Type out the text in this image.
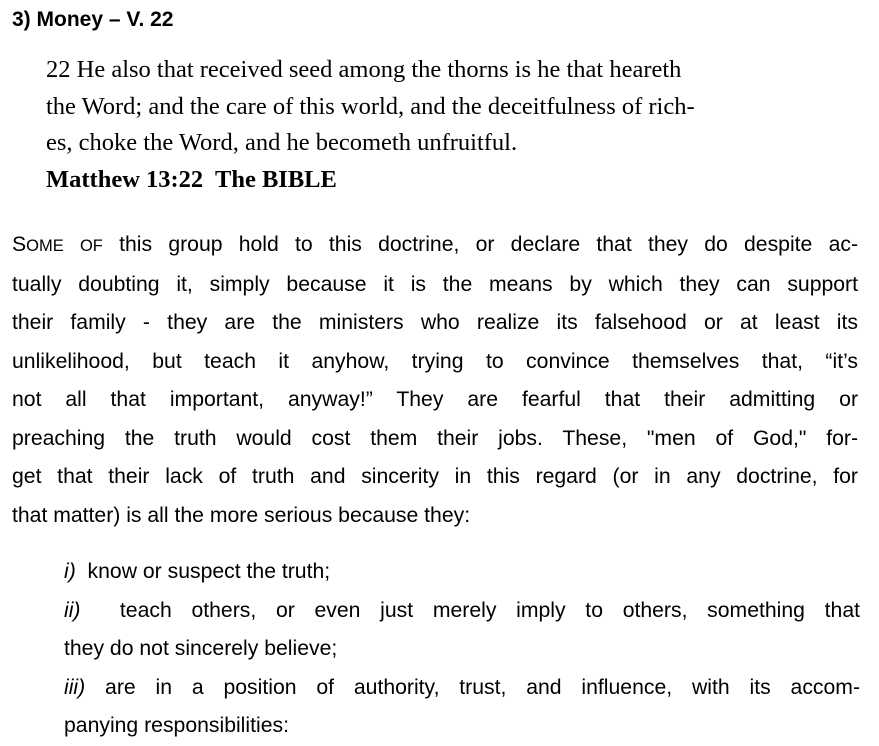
3) Money – V. 22
22 He also that received seed among the thorns is he that heareth
the Word; and the care of this world, and the deceitfulness of rich-
es, choke the Word, and he becometh unfruitful.
Matthew 13:22  The BIBLE
SOME OF this group hold to this doctrine, or declare that they do despite ac-
tually doubting it, simply because it is the means by which they can support
their family - they are the ministers who realize its falsehood or at least its
unlikelihood, but teach it anyhow, trying to convince themselves that, “it’s
not all that important, anyway!” They are fearful that their admitting or
preaching the truth would cost them their jobs. These, "men of God," for-
get that their lack of truth and sincerity in this regard (or in any doctrine, for
that matter) is all the more serious because they:
i) know or suspect the truth;
ii) teach others, or even just merely imply to others, something that
they do not sincerely believe;
iii) are in a position of authority, trust, and influence, with its accom-
panying responsibilities:
